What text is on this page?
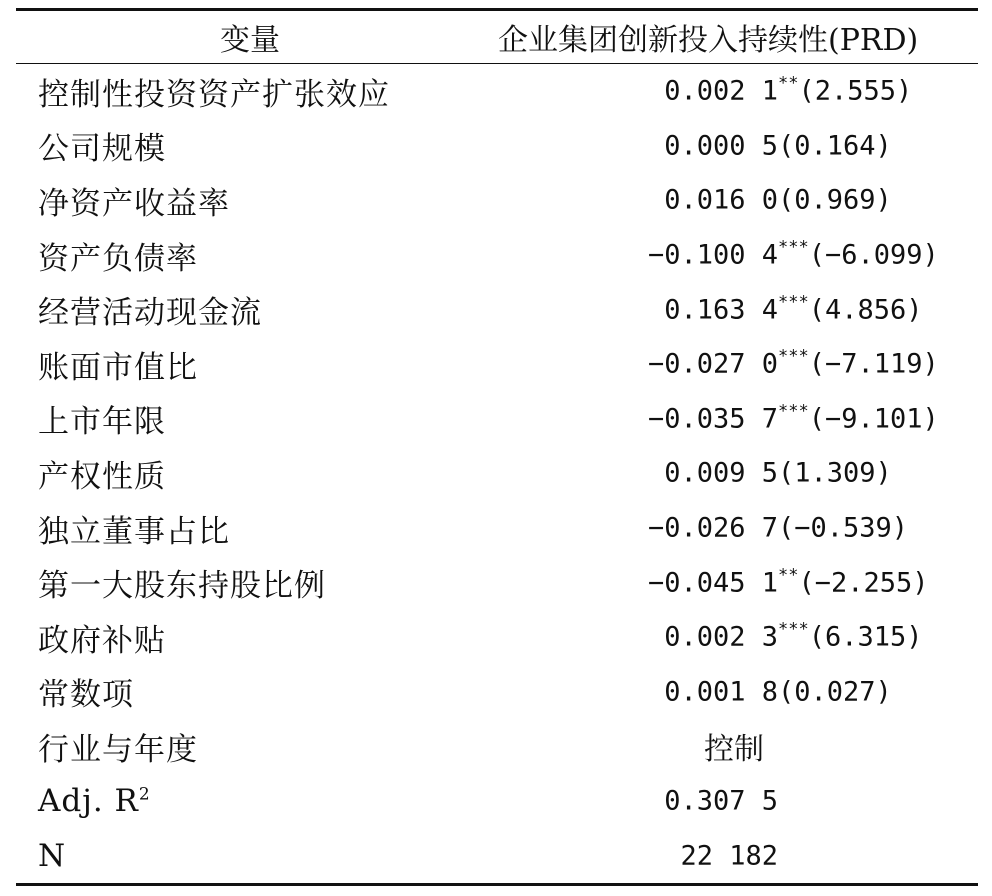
变量	企业集团创新投入持续性(PRD)
控制性投资资产扩张效应	0.002 1**(2.555)

公司规模	0.000 5(0.164)

净资产收益率	0.016 0(0.969)

资产负债率	−0.100 4***(−6.099)

经营活动现金流	0.163 4***(4.856)

账面市值比	−0.027 0***(−7.119)

上市年限	−0.035 7***(−9.101)

产权性质	0.009 5(1.309)

独立董事占比	−0.026 7(−0.539)

第一大股东持股比例	−0.045 1**(−2.255)

政府补贴	0.002 3***(6.315)

常数项	0.001 8(0.027)

行业与年度	控制

Adj. $R^2$	0.307 5

N	22 182
